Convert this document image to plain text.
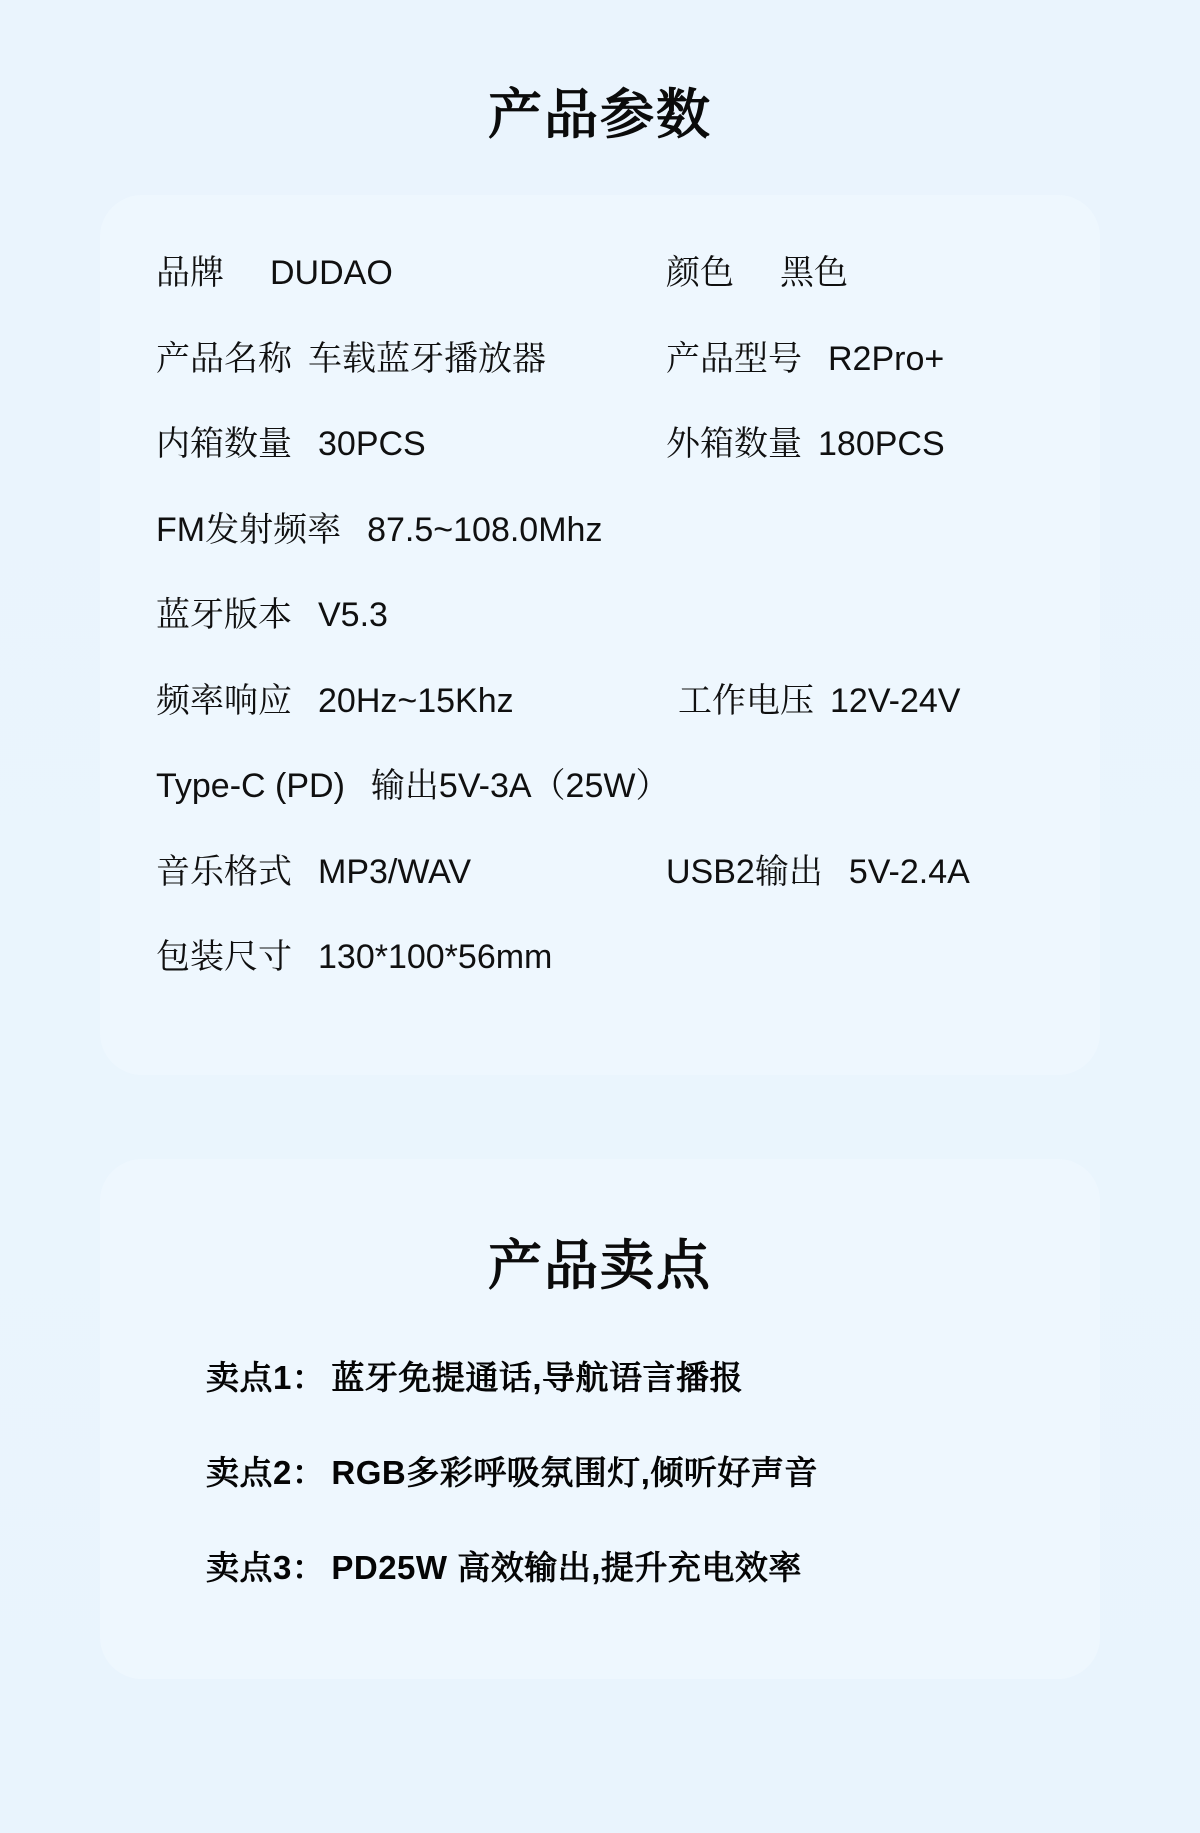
产品参数
品牌 DUDAO	颜色 黑色
产品名称 车载蓝牙播放器	产品型号 R2Pro+
内箱数量 30PCS	外箱数量 180PCS
FM发射频率 87.5~108.0Mhz
蓝牙版本 V5.3
频率响应 20Hz~15Khz	工作电压 12V-24V
Type-C (PD) 输出5V-3A（25W）
音乐格式 MP3/WAV	USB2输出 5V-2.4A
包装尺寸 130*100*56mm
产品卖点
卖点1： 蓝牙免提通话,导航语言播报
卖点2： RGB多彩呼吸氛围灯,倾听好声音
卖点3： PD25W 高效输出,提升充电效率
